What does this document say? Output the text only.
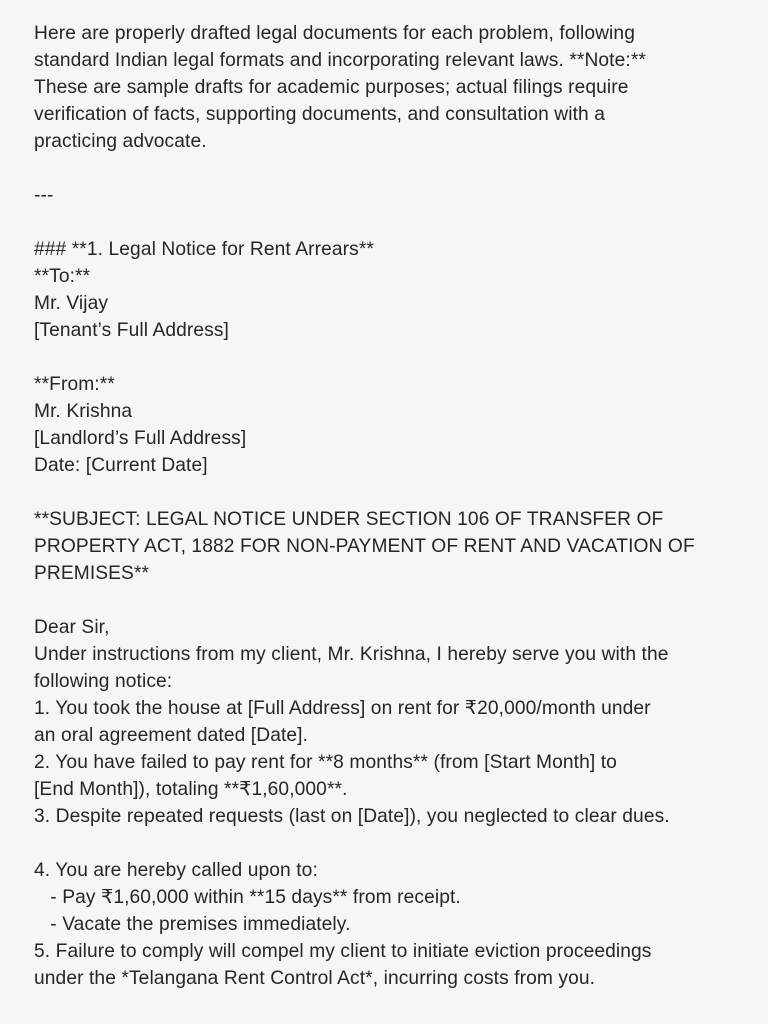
Here are properly drafted legal documents for each problem, following
standard Indian legal formats and incorporating relevant laws. **Note:**
These are sample drafts for academic purposes; actual filings require
verification of facts, supporting documents, and consultation with a
practicing advocate.
---
### **1. Legal Notice for Rent Arrears**
**To:**
Mr. Vijay
[Tenant’s Full Address]
**From:**
Mr. Krishna
[Landlord’s Full Address]
Date: [Current Date]
**SUBJECT: LEGAL NOTICE UNDER SECTION 106 OF TRANSFER OF
PROPERTY ACT, 1882 FOR NON-PAYMENT OF RENT AND VACATION OF
PREMISES**
Dear Sir,
Under instructions from my client, Mr. Krishna, I hereby serve you with the
following notice:
1. You took the house at [Full Address] on rent for ₹20,000/month under
an oral agreement dated [Date].
2. You have failed to pay rent for **8 months** (from [Start Month] to
[End Month]), totaling **₹1,60,000**.
3. Despite repeated requests (last on [Date]), you neglected to clear dues.
4. You are hereby called upon to:
- Pay ₹1,60,000 within **15 days** from receipt.
- Vacate the premises immediately.
5. Failure to comply will compel my client to initiate eviction proceedings
under the *Telangana Rent Control Act*, incurring costs from you.
